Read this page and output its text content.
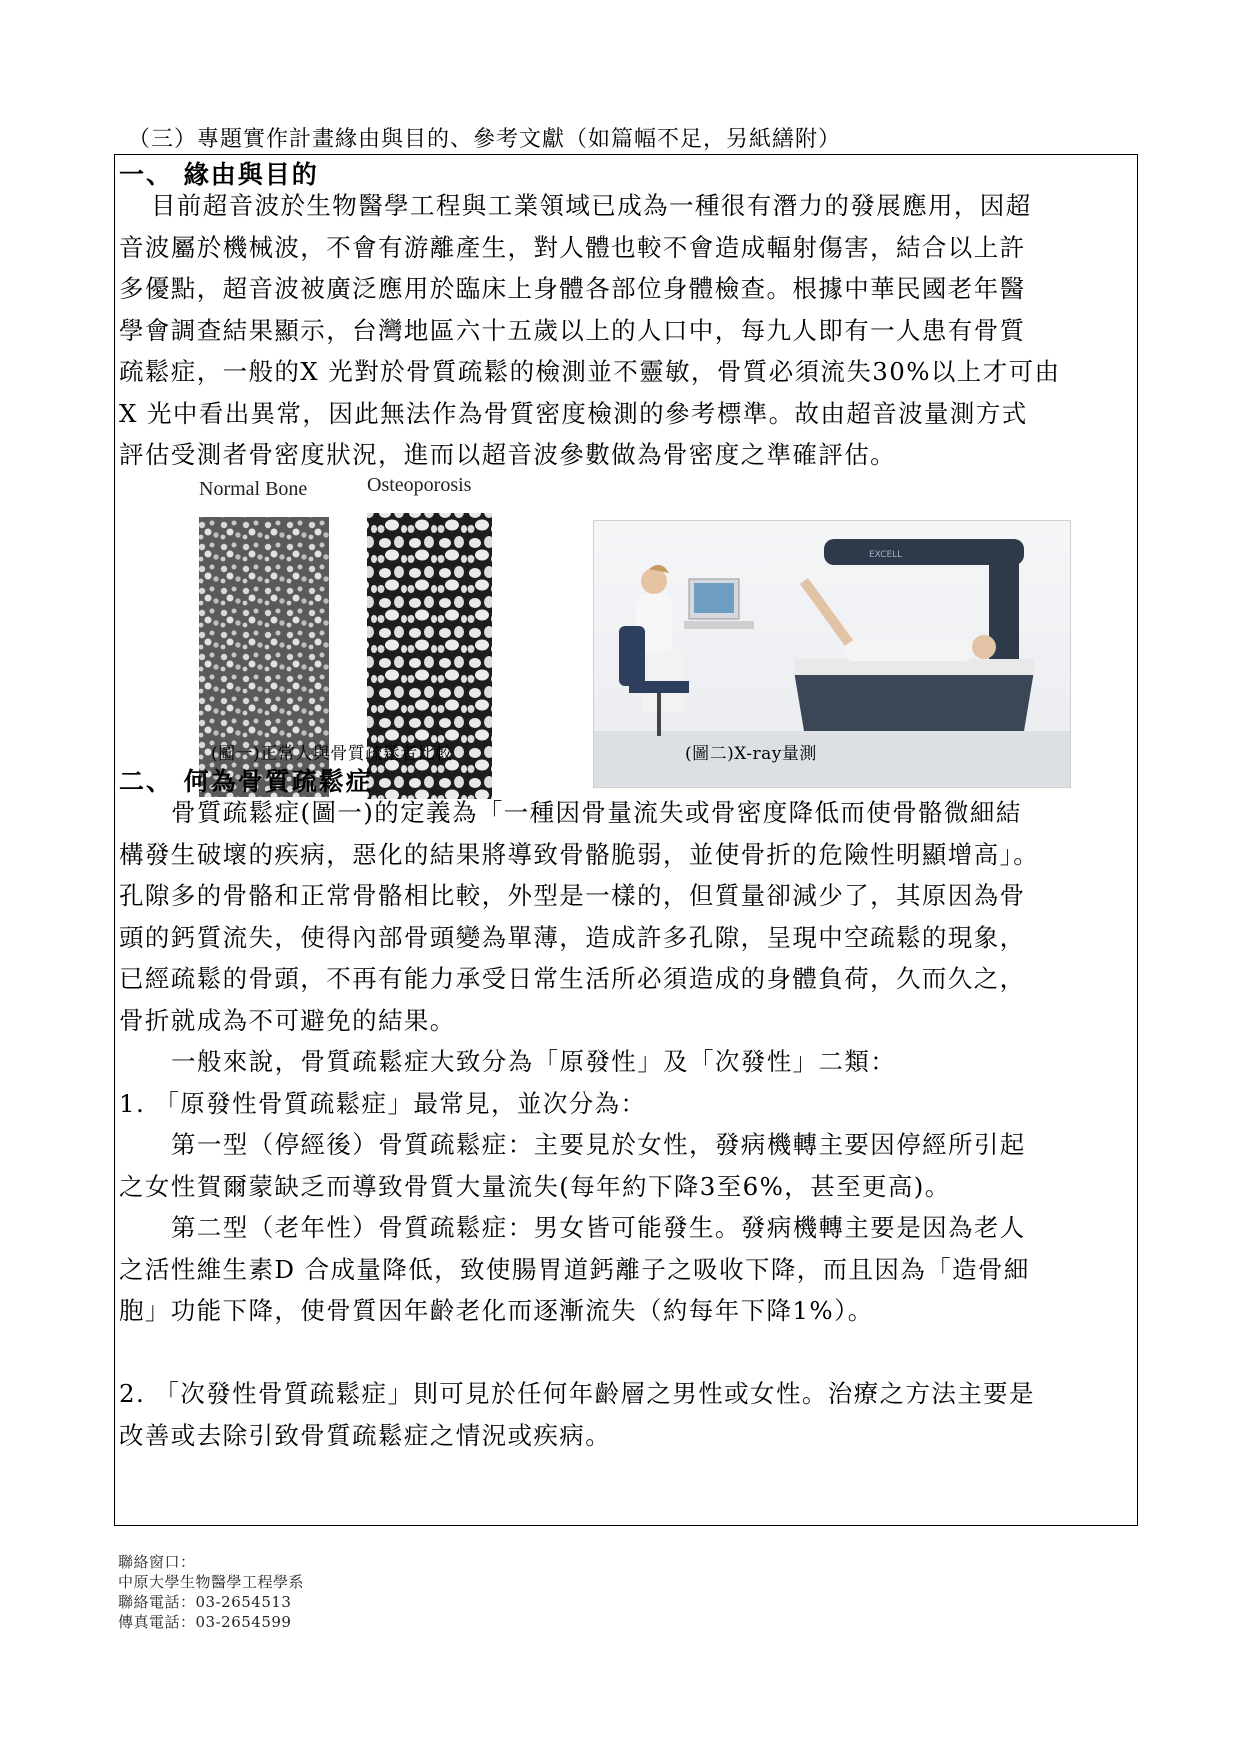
（三）專題實作計畫緣由與目的、參考文獻（如篇幅不足，另紙繕附）
一、 緣由與目的
目前超音波於生物醫學工程與工業領域已成為一種很有潛力的發展應用，因超
音波屬於機械波，不會有游離產生，對人體也較不會造成輻射傷害，結合以上許
多優點，超音波被廣泛應用於臨床上身體各部位身體檢查。根據中華民國老年醫
學會調查結果顯示，台灣地區六十五歲以上的人口中，每九人即有一人患有骨質
疏鬆症，一般的X 光對於骨質疏鬆的檢測並不靈敏，骨質必須流失30%以上才可由
X 光中看出異常，因此無法作為骨質密度檢測的參考標準。故由超音波量測方式
評估受測者骨密度狀況，進而以超音波參數做為骨密度之準確評估。
Normal Bone	Osteoporosis
EXCELL
(圖一)正常人與骨質疏鬆者比較	(圖二)X-ray量測
二、 何為骨質疏鬆症
骨質疏鬆症(圖一)的定義為「一種因骨量流失或骨密度降低而使骨骼微細結
構發生破壞的疾病，惡化的結果將導致骨骼脆弱，並使骨折的危險性明顯增高」。
孔隙多的骨骼和正常骨骼相比較，外型是一樣的，但質量卻減少了，其原因為骨
頭的鈣質流失，使得內部骨頭變為單薄，造成許多孔隙，呈現中空疏鬆的現象，
已經疏鬆的骨頭，不再有能力承受日常生活所必須造成的身體負荷，久而久之，
骨折就成為不可避免的結果。
一般來說，骨質疏鬆症大致分為「原發性」及「次發性」二類：
1. 「原發性骨質疏鬆症」最常見，並次分為：
第一型（停經後）骨質疏鬆症：主要見於女性，發病機轉主要因停經所引起
之女性賀爾蒙缺乏而導致骨質大量流失(每年約下降3至6%，甚至更高)。
第二型（老年性）骨質疏鬆症：男女皆可能發生。發病機轉主要是因為老人
之活性維生素D 合成量降低，致使腸胃道鈣離子之吸收下降，而且因為「造骨細
胞」功能下降，使骨質因年齡老化而逐漸流失（約每年下降1%）。

2. 「次發性骨質疏鬆症」則可見於任何年齡層之男性或女性。治療之方法主要是
改善或去除引致骨質疏鬆症之情況或疾病。
聯絡窗口：
中原大學生物醫學工程學系
聯絡電話：03-2654513
傳真電話：03-2654599
